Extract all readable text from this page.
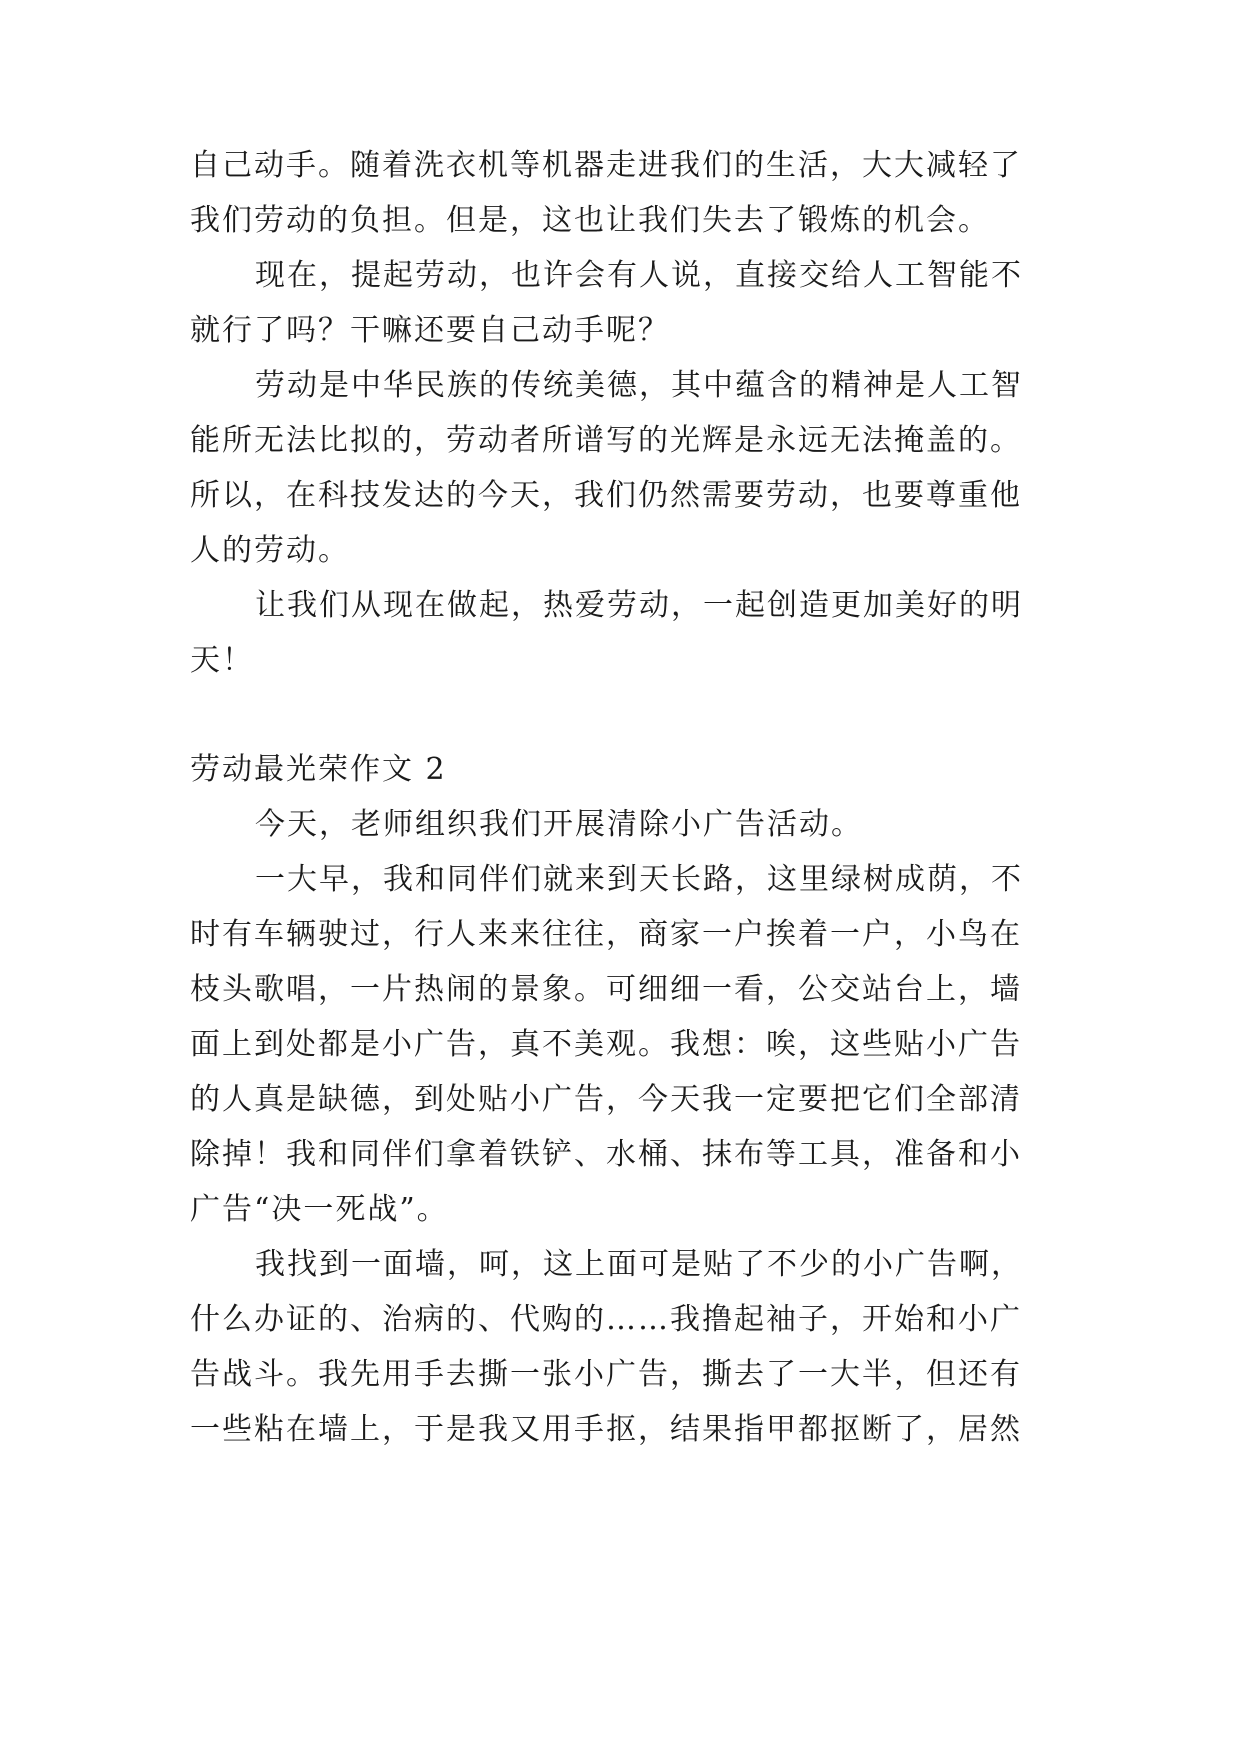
自己动手。随着洗衣机等机器走进我们的生活，大大减轻了
我们劳动的负担。但是，这也让我们失去了锻炼的机会。
现在，提起劳动，也许会有人说，直接交给人工智能不
就行了吗？干嘛还要自己动手呢？
劳动是中华民族的传统美德，其中蕴含的精神是人工智
能所无法比拟的，劳动者所谱写的光辉是永远无法掩盖的。
所以，在科技发达的今天，我们仍然需要劳动，也要尊重他
人的劳动。
让我们从现在做起，热爱劳动，一起创造更加美好的明
天！
劳动最光荣作文 2
今天，老师组织我们开展清除小广告活动。
一大早，我和同伴们就来到天长路，这里绿树成荫，不
时有车辆驶过，行人来来往往，商家一户挨着一户，小鸟在
枝头歌唱，一片热闹的景象。可细细一看，公交站台上，墙
面上到处都是小广告，真不美观。我想：唉，这些贴小广告
的人真是缺德，到处贴小广告，今天我一定要把它们全部清
除掉！我和同伴们拿着铁铲、水桶、抹布等工具，准备和小
广告“决一死战”。
我找到一面墙，呵，这上面可是贴了不少的小广告啊，
什么办证的、治病的、代购的……我撸起袖子，开始和小广
告战斗。我先用手去撕一张小广告，撕去了一大半，但还有
一些粘在墙上，于是我又用手抠，结果指甲都抠断了，居然
